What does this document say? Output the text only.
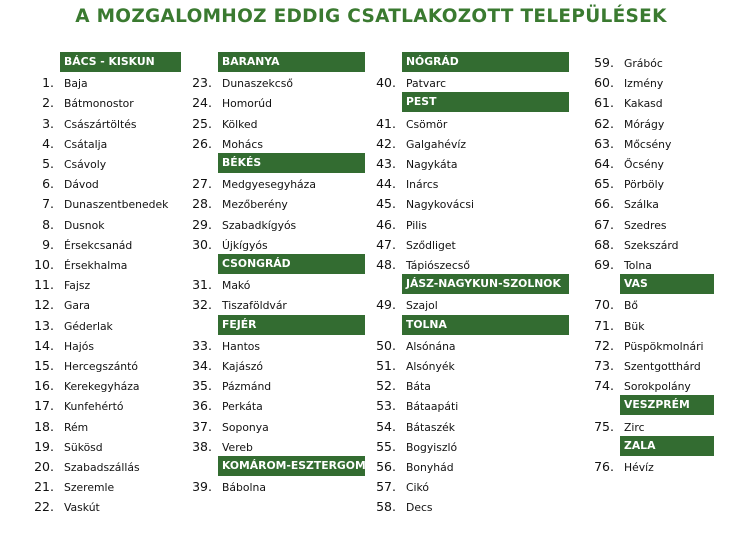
A MOZGALOMHOZ EDDIG CSATLAKOZOTT TELEPÜLÉSEK
BÁCS - KISKUN
1. Baja
2. Bátmonostor
3. Császártöltés
4. Csátalja
5. Csávoly
6. Dávod
7. Dunaszentbenedek
8. Dusnok
9. Érsekcsanád
10. Érsekhalma
11. Fajsz
12. Gara
13. Géderlak
14. Hajós
15. Hercegszántó
16. Kerekegyháza
17. Kunfehértó
18. Rém
19. Sükösd
20. Szabadszállás
21. Szeremle
22. Vaskút
BARANYA
23. Dunaszekcső
24. Homorúd
25. Kölked
26. Mohács
BÉKÉS
27. Medgyesegyháza
28. Mezőberény
29. Szabadkígyós
30. Újkígyós
CSONGRÁD
31. Makó
32. Tiszaföldvár
FEJÉR
33. Hantos
34. Kajászó
35. Pázmánd
36. Perkáta
37. Soponya
38. Vereb
KOMÁROM-ESZTERGOM
39. Bábolna
NÓGRÁD
40. Patvarc
PEST
41. Csömör
42. Galgahévíz
43. Nagykáta
44. Inárcs
45. Nagykovácsi
46. Pilis
47. Sződliget
48. Tápiószecső
JÁSZ-NAGYKUN-SZOLNOK
49. Szajol
TOLNA
50. Alsónána
51. Alsónyék
52. Báta
53. Bátaapáti
54. Bátaszék
55. Bogyiszló
56. Bonyhád
57. Cikó
58. Decs
59. Grábóc
60. Izmény
61. Kakasd
62. Mórágy
63. Mőcsény
64. Őcsény
65. Pörböly
66. Szálka
67. Szedres
68. Szekszárd
69. Tolna
VAS
70. Bő
71. Bük
72. Püspökmolnári
73. Szentgotthárd
74. Sorokpolány
VESZPRÉM
75. Zirc
ZALA
76. Hévíz
